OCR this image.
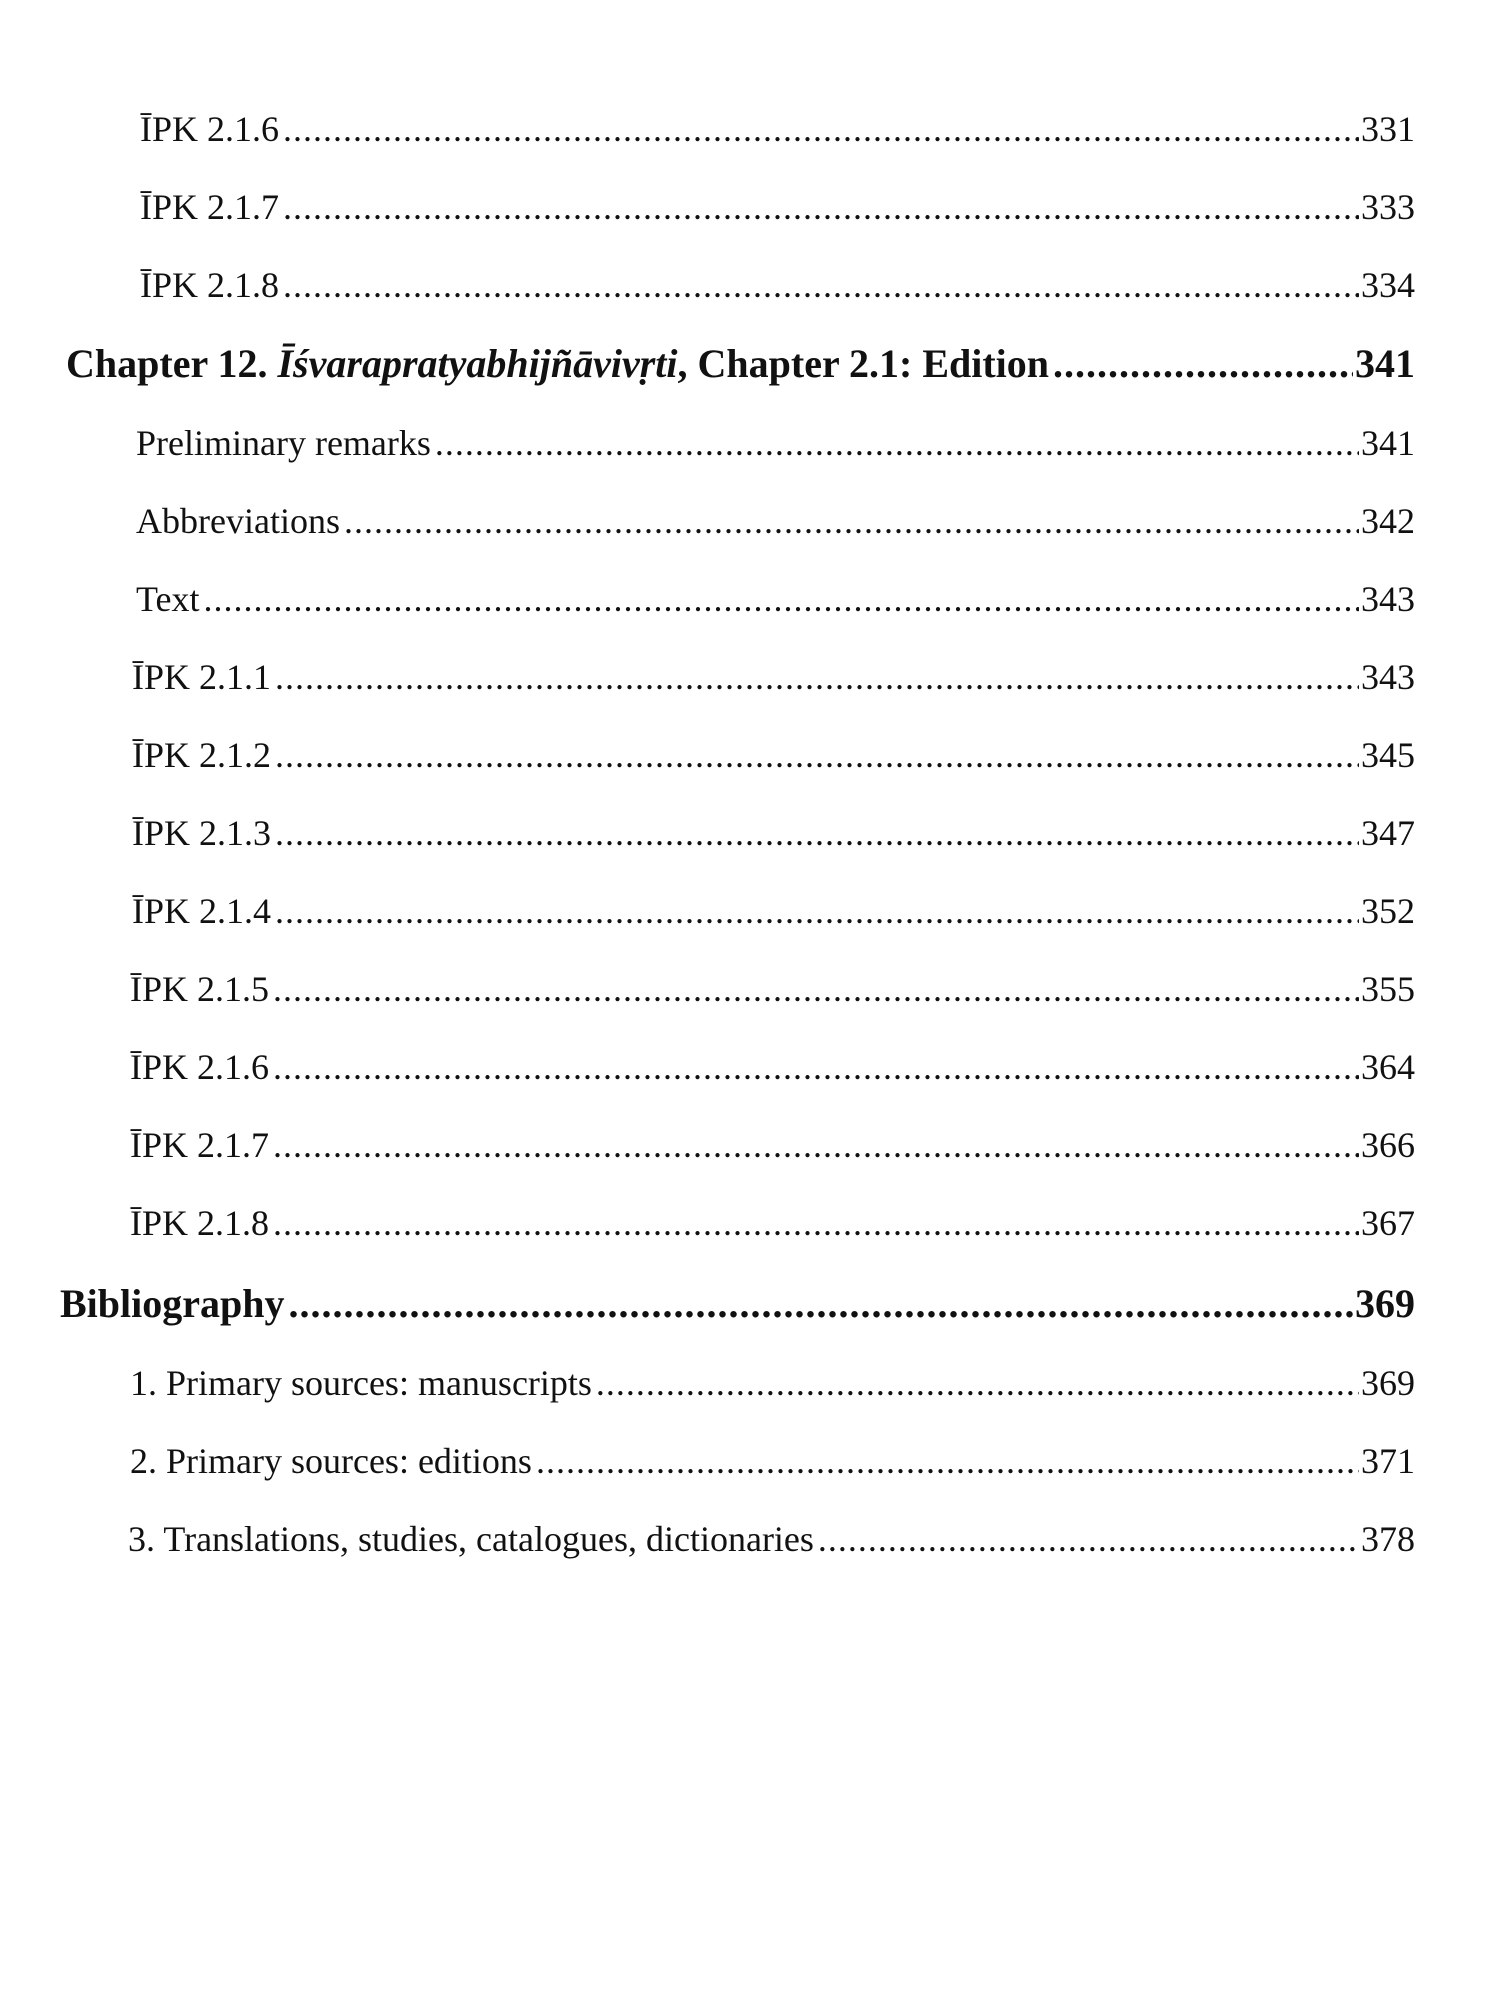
ĪPK 2.1.6 .....	331
ĪPK 2.1.7 .....	333
ĪPK 2.1.8 .....	334
Chapter 12. Īśvarapratyabhijñāvivṛti, Chapter 2.1: Edition .....	341
Preliminary remarks .....	341
Abbreviations .....	342
Text .....	343
ĪPK 2.1.1 .....	343
ĪPK 2.1.2 .....	345
ĪPK 2.1.3 .....	347
ĪPK 2.1.4 .....	352
ĪPK 2.1.5 .....	355
ĪPK 2.1.6 .....	364
ĪPK 2.1.7 .....	366
ĪPK 2.1.8 .....	367
Bibliography .....	369
1. Primary sources: manuscripts .....	369
2. Primary sources: editions .....	371
3. Translations, studies, catalogues, dictionaries .....	378
